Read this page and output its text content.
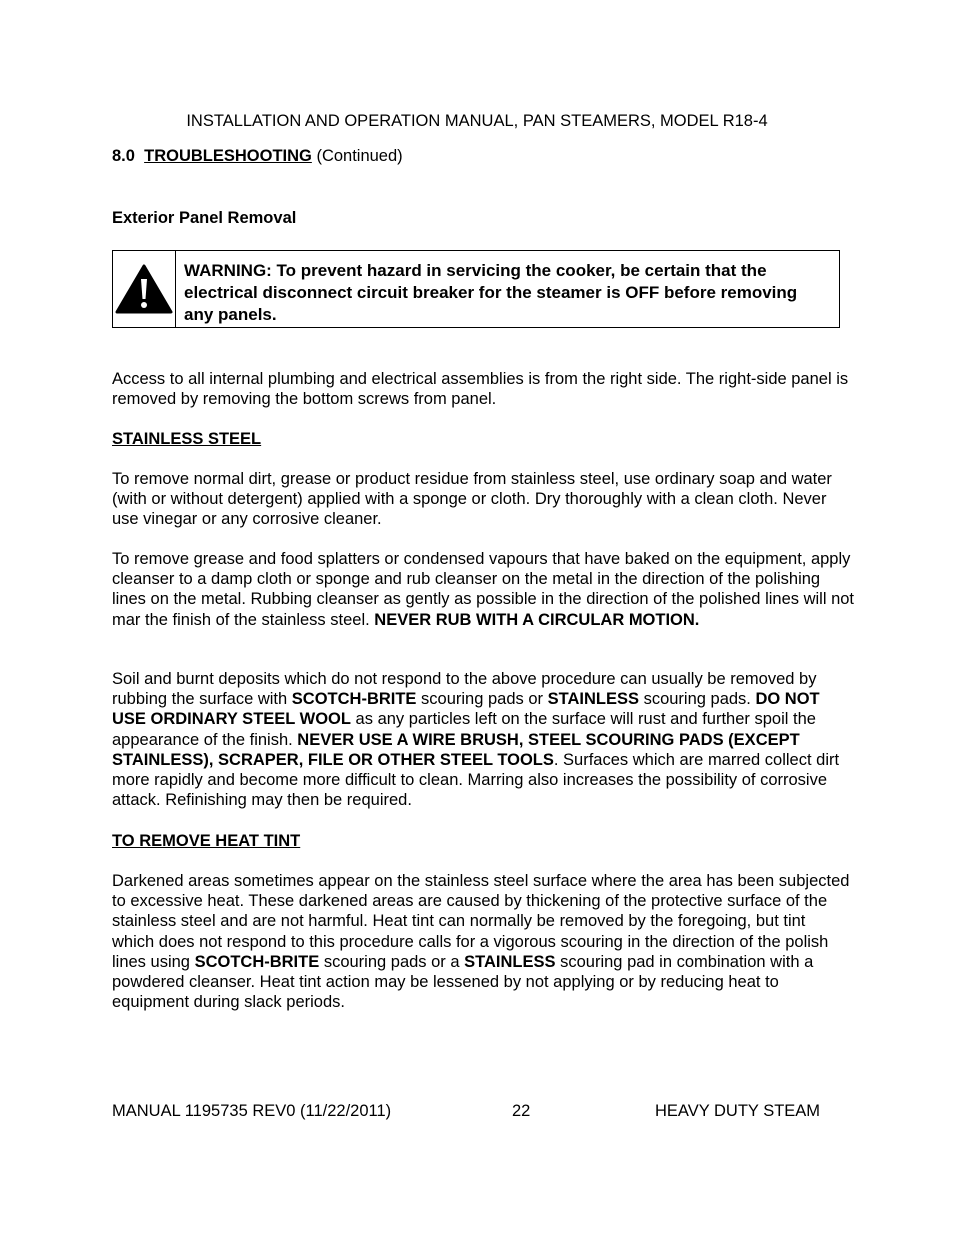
INSTALLATION AND OPERATION MANUAL, PAN STEAMERS, MODEL R18-4
8.0 TROUBLESHOOTING (Continued)
Exterior Panel Removal
WARNING: To prevent hazard in servicing the cooker, be certain that the electrical disconnect circuit breaker for the steamer is OFF before removing any panels.
Access to all internal plumbing and electrical assemblies is from the right side. The right-side panel is removed by removing the bottom screws from panel.
STAINLESS STEEL
To remove normal dirt, grease or product residue from stainless steel, use ordinary soap and water (with or without detergent) applied with a sponge or cloth. Dry thoroughly with a clean cloth. Never use vinegar or any corrosive cleaner.
To remove grease and food splatters or condensed vapours that have baked on the equipment, apply cleanser to a damp cloth or sponge and rub cleanser on the metal in the direction of the polishing lines on the metal. Rubbing cleanser as gently as possible in the direction of the polished lines will not mar the finish of the stainless steel. NEVER RUB WITH A CIRCULAR MOTION.
Soil and burnt deposits which do not respond to the above procedure can usually be removed by rubbing the surface with SCOTCH-BRITE scouring pads or STAINLESS scouring pads. DO NOT USE ORDINARY STEEL WOOL as any particles left on the surface will rust and further spoil the appearance of the finish. NEVER USE A WIRE BRUSH, STEEL SCOURING PADS (EXCEPT STAINLESS), SCRAPER, FILE OR OTHER STEEL TOOLS. Surfaces which are marred collect dirt more rapidly and become more difficult to clean. Marring also increases the possibility of corrosive attack. Refinishing may then be required.
TO REMOVE HEAT TINT
Darkened areas sometimes appear on the stainless steel surface where the area has been subjected to excessive heat. These darkened areas are caused by thickening of the protective surface of the stainless steel and are not harmful. Heat tint can normally be removed by the foregoing, but tint which does not respond to this procedure calls for a vigorous scouring in the direction of the polish lines using SCOTCH-BRITE scouring pads or a STAINLESS scouring pad in combination with a powdered cleanser. Heat tint action may be lessened by not applying or by reducing heat to equipment during slack periods.
MANUAL 1195735 REV0 (11/22/2011)	22	HEAVY DUTY STEAM
